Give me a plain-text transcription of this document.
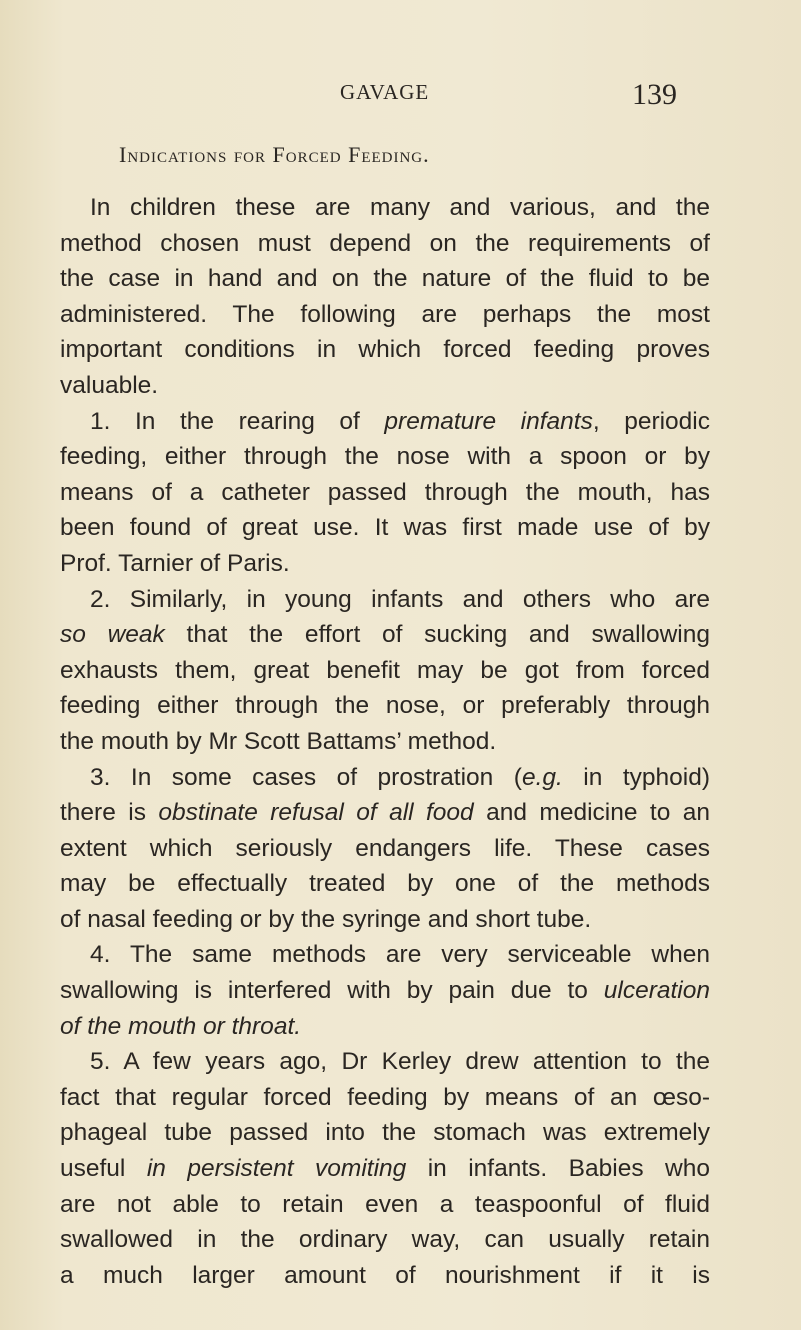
GAVAGE	139
Indications for Forced Feeding.
In children these are many and various, and the
method chosen must depend on the requirements of
the case in hand and on the nature of the fluid to be
administered. The following are perhaps the most
important conditions in which forced feeding proves
valuable.
1. In the rearing of premature infants, periodic
feeding, either through the nose with a spoon or by
means of a catheter passed through the mouth, has
been found of great use. It was first made use of by
Prof. Tarnier of Paris.
2. Similarly, in young infants and others who are
so weak that the effort of sucking and swallowing
exhausts them, great benefit may be got from forced
feeding either through the nose, or preferably through
the mouth by Mr Scott Battams’ method.
3. In some cases of prostration (e.g. in typhoid)
there is obstinate refusal of all food and medicine to an
extent which seriously endangers life. These cases
may be effectually treated by one of the methods
of nasal feeding or by the syringe and short tube.
4. The same methods are very serviceable when
swallowing is interfered with by pain due to ulceration
of the mouth or throat.
5. A few years ago, Dr Kerley drew attention to the
fact that regular forced feeding by means of an œso-
phageal tube passed into the stomach was extremely
useful in persistent vomiting in infants. Babies who
are not able to retain even a teaspoonful of fluid
swallowed in the ordinary way, can usually retain
a much larger amount of nourishment if it is
